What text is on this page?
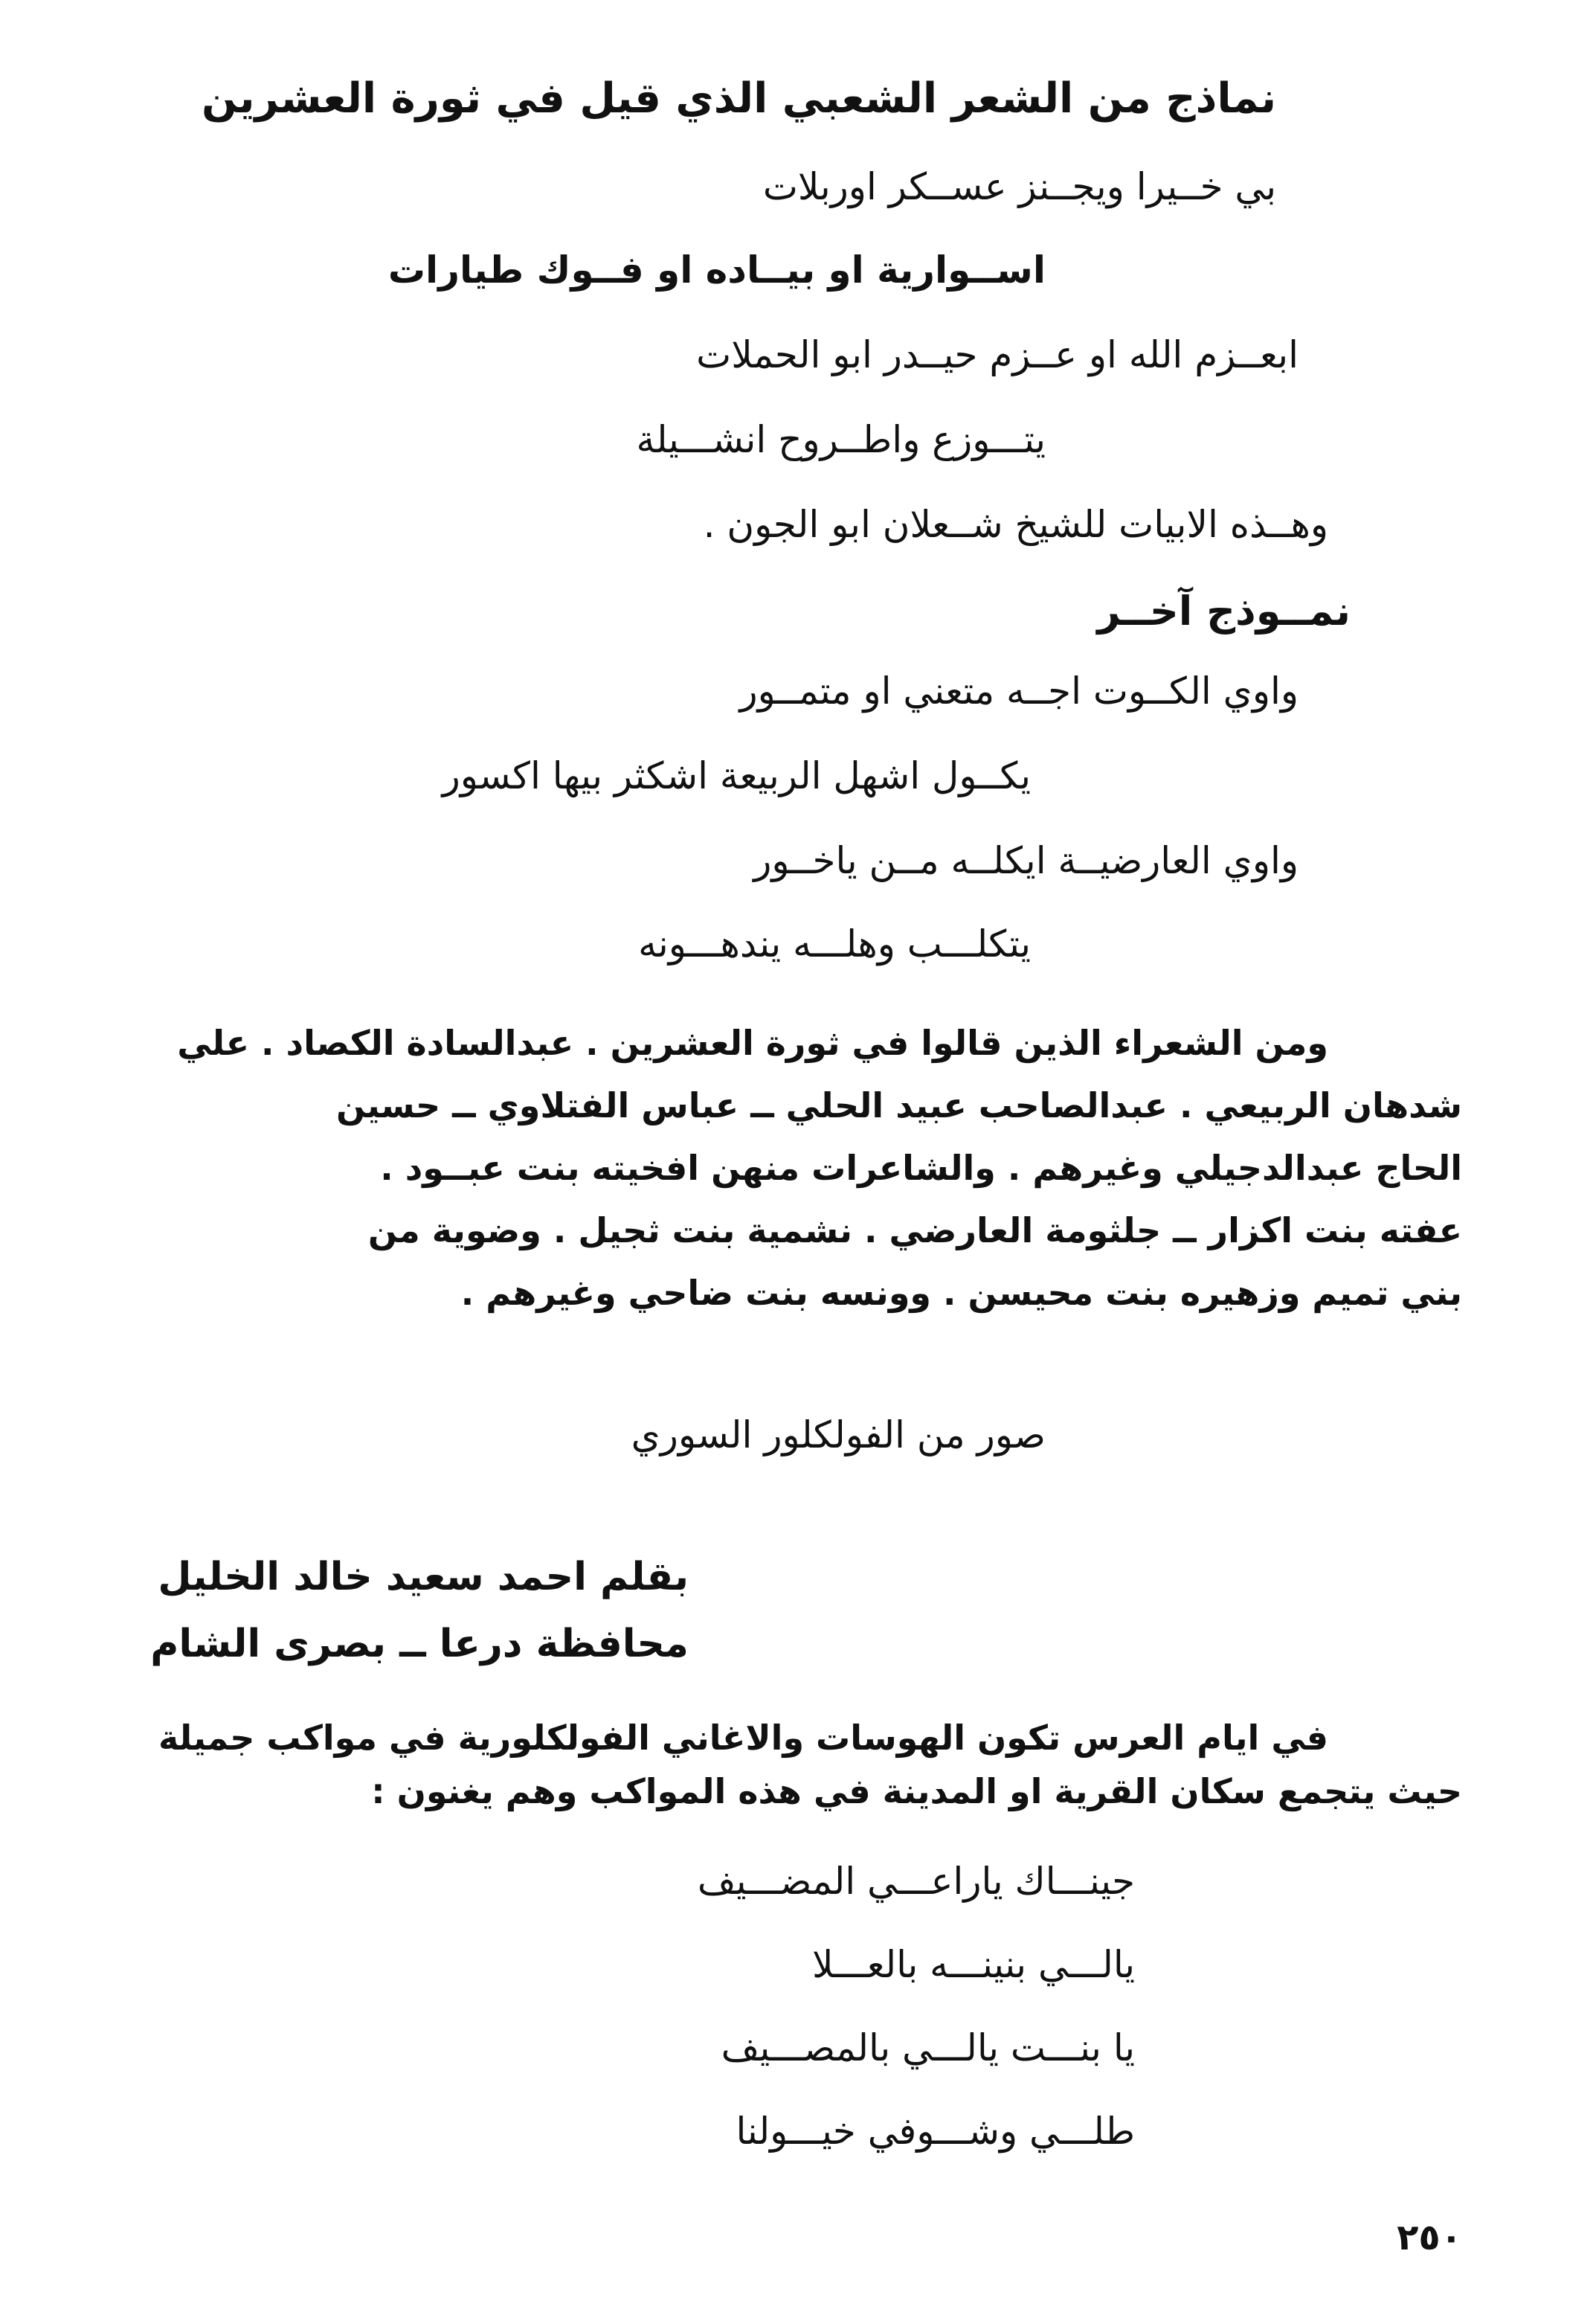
نماذج من الشعر الشعبي الذي قيل في ثورة العشرين
بي خــيرا ويجــنز عســكر اوربلات
اســوارية او بيــاده او فــوك طيارات
ابعــزم الله او عــزم حيــدر ابو الحملات
يتـــوزع واطــروح انشـــيلة
وهــذه الابيات للشيخ شــعلان ابو الجون .
نمــوذج آخــر
واوي الكــوت اجــه متعني او متمــور
يكــول اشهل الربيعة اشكثر بيها اكسور
واوي العارضيــة ايكلــه مــن ياخــور
يتكلـــب وهلـــه يندهـــونه
ومن الشعراء الذين قالوا في ثورة العشرين . عبدالسادة الكصاد . علي
شدهان الربيعي . عبدالصاحب عبيد الحلي ــ عباس الفتلاوي ــ حسين
الحاج عبدالدجيلي وغيرهم . والشاعرات منهن افخيته بنت عبــود .
عفته بنت اكزار ــ جلثومة العارضي . نشمية بنت ثجيل . وضوية من
بني تميم وزهيره بنت محيسن . وونسه بنت ضاحي وغيرهم .
صور من الفولكلور السوري
بقلم احمد سعيد خالد الخليل
محافظة درعا ــ بصرى الشام
في ايام العرس تكون الهوسات والاغاني الفولكلورية في مواكب جميلة
حيث يتجمع سكان القرية او المدينة في هذه المواكب وهم يغنون :
جينـــاك ياراعـــي المضـــيف
يالـــي بنينـــه بالعـــلا
يا بنـــت يالـــي بالمصـــيف
طلـــي وشـــوفي خيـــولنا
٢٥٠
